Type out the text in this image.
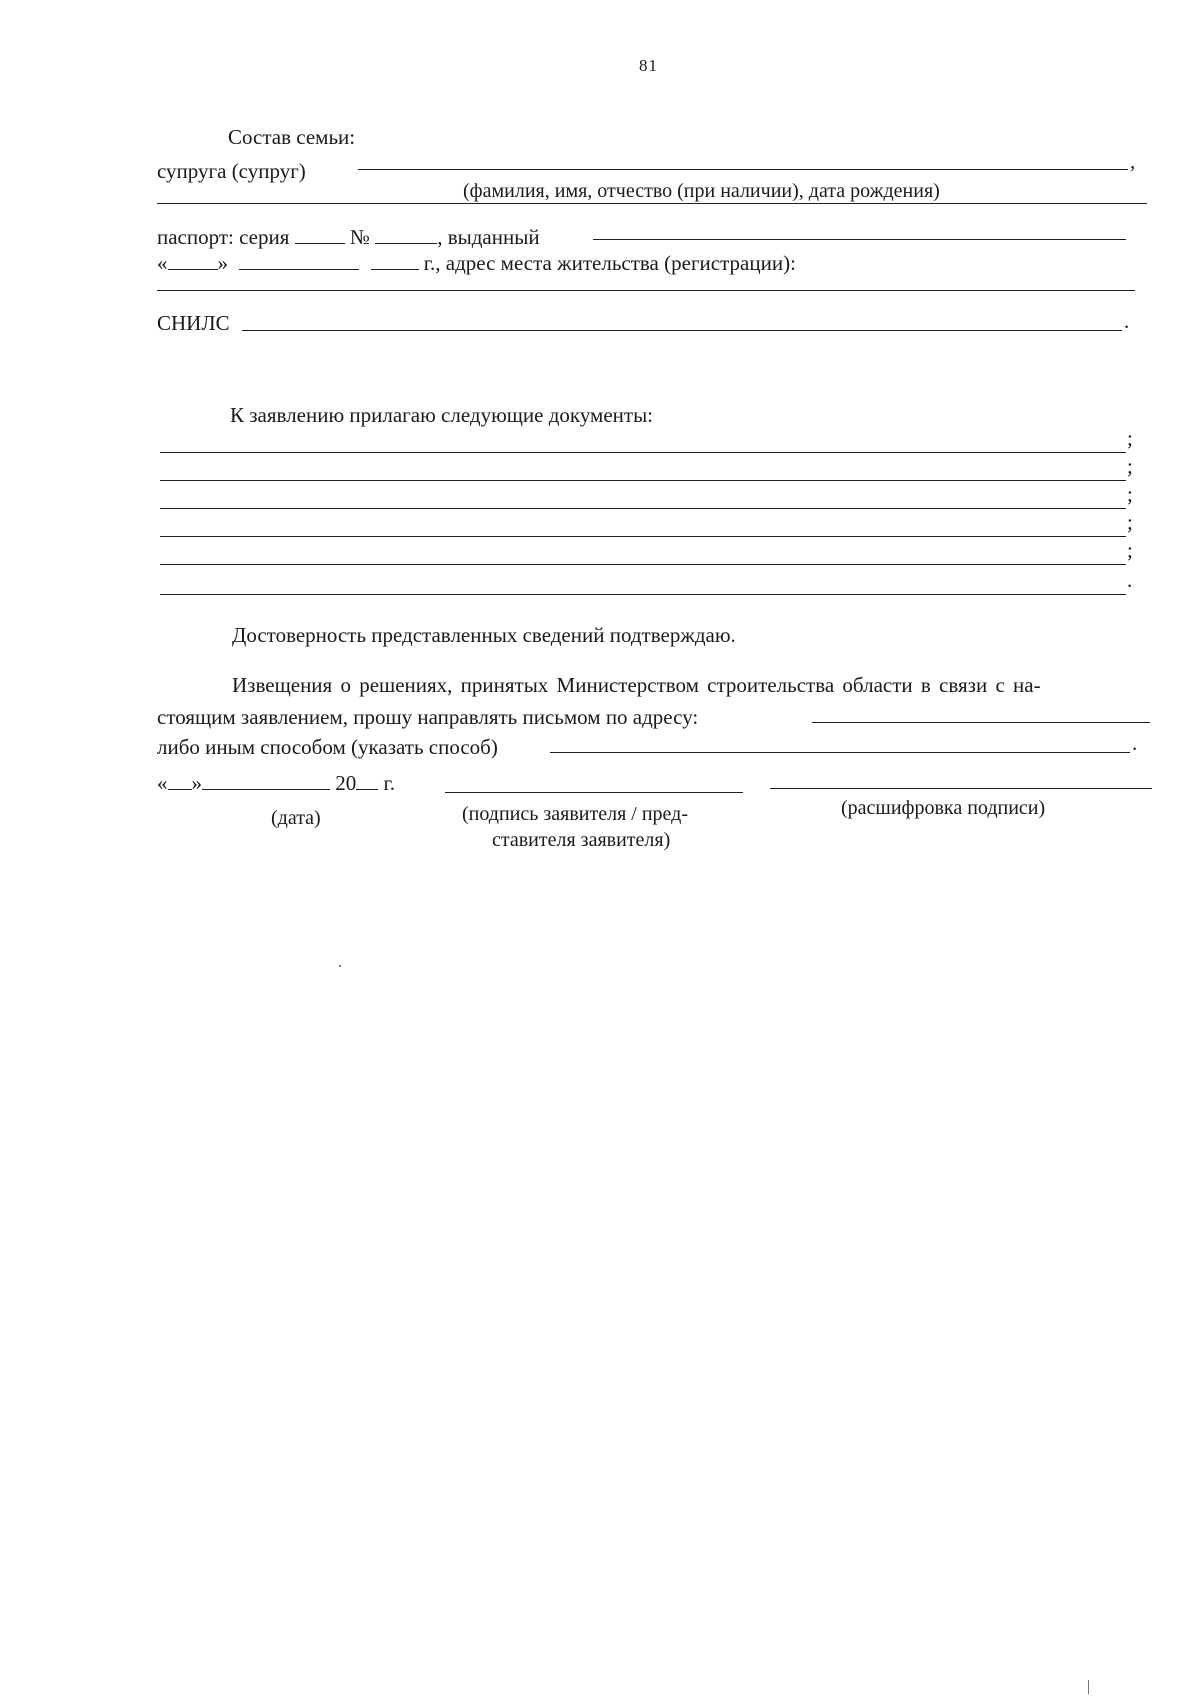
81
Состав семьи:
супруга (супруг)	,
(фамилия, имя, отчество (при наличии), дата рождения)
паспорт: серия	№	, выданный
« »	г., адрес места жительства (регистрации):
СНИЛС	.
К заявлению прилагаю следующие документы:
;
;
;
;
;
.
Достоверность представленных сведений подтверждаю.
Извещения о решениях, принятых Министерством строительства области в связи с на-
стоящим заявлением, прошу направлять письмом по адресу:
либо иным способом (указать способ)	.
« »	20 г.
(дата)	(подпись заявителя / пред-
ставителя заявителя)
(расшифровка подписи)
